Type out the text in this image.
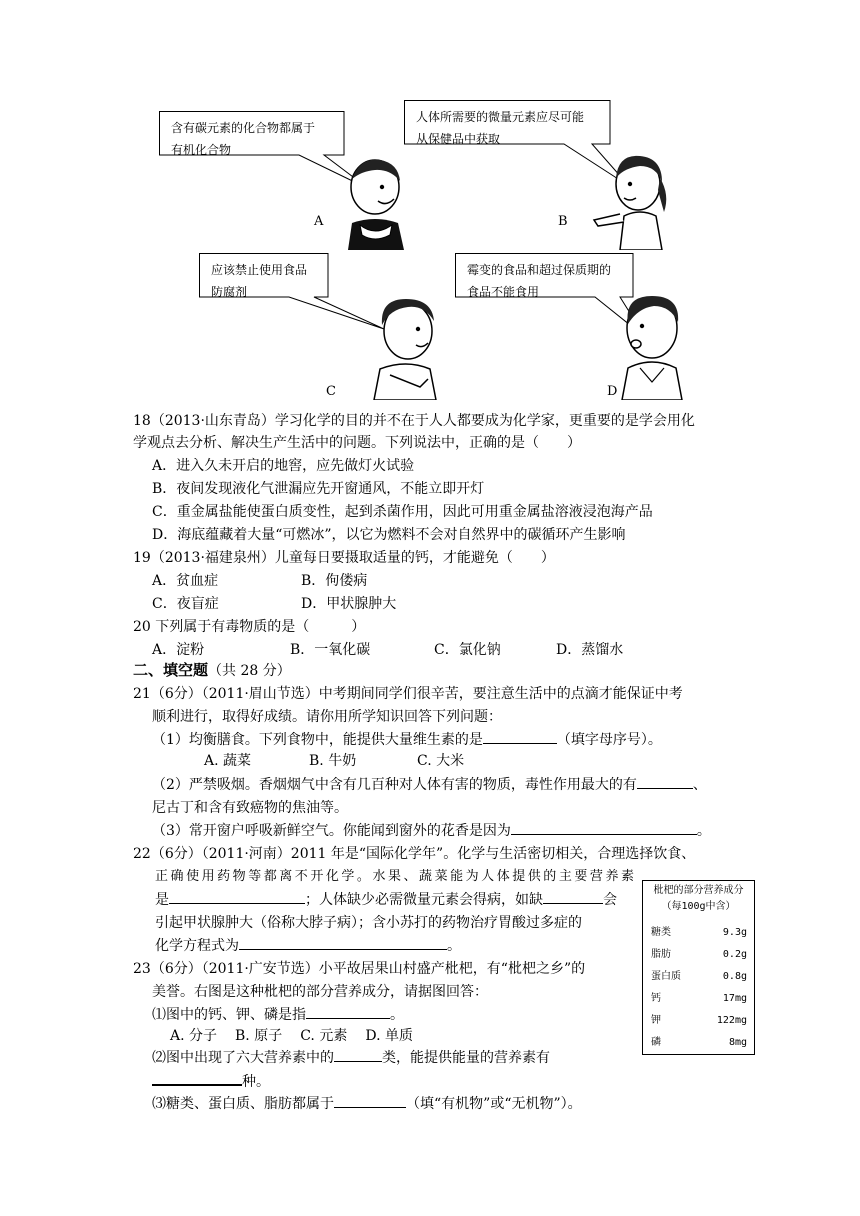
含有碳元素的化合物都属于
有机化合物
A
人体所需要的微量元素应尽可能
从保健品中获取
B
应该禁止使用食品
防腐剂
C
霉变的食品和超过保质期的
食品不能食用
D
18（2013·山东青岛）学习化学的目的并不在于人人都要成为化学家，更重要的是学会用化
学观点去分析、解决生产生活中的问题。下列说法中，正确的是（　　）
A．进入久未开启的地窖，应先做灯火试验
B．夜间发现液化气泄漏应先开窗通风，不能立即开灯
C．重金属盐能使蛋白质变性，起到杀菌作用，因此可用重金属盐溶液浸泡海产品
D．海底蕴藏着大量“可燃冰”，以它为燃料不会对自然界中的碳循环产生影响
19（2013·福建泉州）儿童每日要摄取适量的钙，才能避免（　　）
A．贫血症	B．佝偻病
C．夜盲症	D．甲状腺肿大
20 下列属于有毒物质的是（　　　）
A．淀粉	B．一氧化碳	C．氯化钠	D．蒸馏水
二、填空题（共 28 分）
21（6分）（2011·眉山节选）中考期间同学们很辛苦，要注意生活中的点滴才能保证中考
顺利进行，取得好成绩。请你用所学知识回答下列问题：
（1）均衡膳食。下列食物中，能提供大量维生素的是	（填字母序号）。
A. 蔬菜	B. 牛奶	C. 大米
（2）严禁吸烟。香烟烟气中含有几百种对人体有害的物质，毒性作用最大的有	、
尼古丁和含有致癌物的焦油等。
（3）常开窗户呼吸新鲜空气。你能闻到窗外的花香是因为	。
22（6分）（2011·河南）2011 年是“国际化学年”。化学与生活密切相关，合理选择饮食、
正 确 使 用 药 物 等 都 离 不 开 化 学 。 水 果 、 蔬 菜 能 为 人 体 提 供 的 主 要 营 养 素
是	；人体缺少必需微量元素会得病，如缺	会
引起甲状腺肿大（俗称大脖子病）；含小苏打的药物治疗胃酸过多症的
化学方程式为	。
枇杷的部分营养成分
（每100g中含）
糖类	9.3g
脂肪	0.2g
蛋白质	0.8g
钙	17mg
钾	122mg
磷	8mg
23（6分）（2011·广安节选）小平故居果山村盛产枇杷，有“枇杷之乡”的
美誉。右图是这种枇杷的部分营养成分，请据图回答：
⑴图中的钙、钾、磷是指	。
A. 分子 B. 原子 C. 元素 D. 单质
⑵图中出现了六大营养素中的	类，能提供能量的营养素有
种。
⑶糖类、蛋白质、脂肪都属于	（填“有机物”或“无机物”）。
